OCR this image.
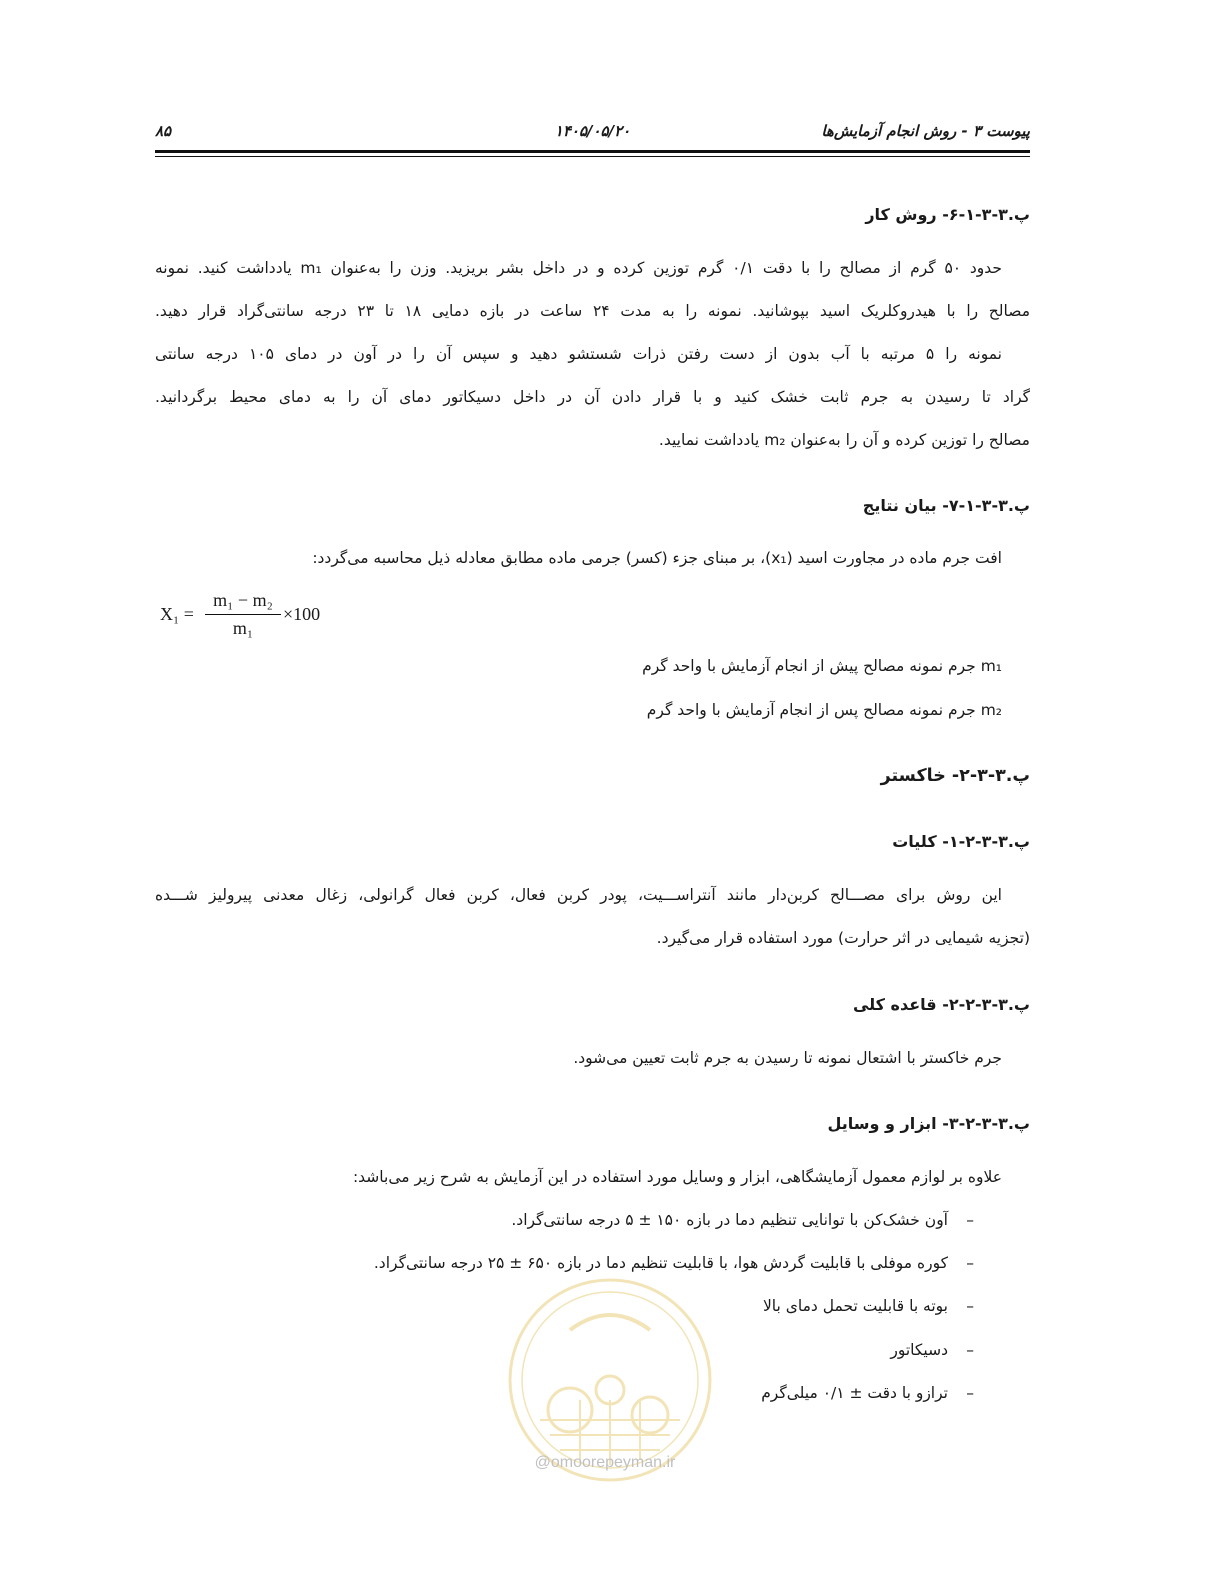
پیوست ۳ - روش انجام آزمایش‌ها
۱۴۰۵/۰۵/۲۰
۸۵
پ.۳-۳-۱-۶- روش کار
حدود ۵۰ گرم از مصالح را با دقت ۰/۱ گرم توزین کرده و در داخل بشر بریزید. وزن را به‌عنوان m₁ یادداشت کنید. نمونه
مصالح را با هیدروکلریک اسید بپوشانید. نمونه را به مدت ۲۴ ساعت در بازه دمایی ۱۸ تا ۲۳ درجه سانتی‌گراد قرار دهید.
نمونه را ۵ مرتبه با آب بدون از دست رفتن ذرات شستشو دهید و سپس آن را در آون در دمای ۱۰۵ درجه سانتی
گراد تا رسیدن به جرم ثابت خشک کنید و با قرار دادن آن در داخل دسیکاتور دمای آن را به دمای محیط برگردانید.
مصالح را توزین کرده و آن را به‌عنوان m₂ یادداشت نمایید.
پ.۳-۳-۱-۷- بیان نتایج
افت جرم ماده در مجاورت اسید (x₁)، بر مبنای جزء (کسر) جرمی ماده مطابق معادله ذیل محاسبه می‌گردد:
X₁ =
m₁ − m₂
m₁
×100
m₁ جرم نمونه مصالح پیش از انجام آزمایش با واحد گرم
m₂ جرم نمونه مصالح پس از انجام آزمایش با واحد گرم
پ.۳-۳-۲- خاکستر
پ.۳-۳-۲-۱- کلیات
این روش برای مصـــالح کربن‌دار مانند آنتراســـیت، پودر کربن فعال، کربن فعال گرانولی، زغال معدنی پیرولیز شـــده
(تجزیه شیمایی در اثر حرارت) مورد استفاده قرار می‌گیرد.
پ.۳-۳-۲-۲- قاعده کلی
جرم خاکستر با اشتعال نمونه تا رسیدن به جرم ثابت تعیین می‌شود.
پ.۳-۳-۲-۳- ابزار و وسایل
علاوه بر لوازم معمول آزمایشگاهی، ابزار و وسایل مورد استفاده در این آزمایش به شرح زیر می‌باشد:
–
آون خشک‌کن با توانایی تنظیم دما در بازه ۱۵۰ ± ۵ درجه سانتی‌گراد.
–
کوره موفلی با قابلیت گردش هوا، با قابلیت تنظیم دما در بازه ۶۵۰ ± ۲۵ درجه سانتی‌گراد.
–
بوته با قابلیت تحمل دمای بالا
–
دسیکاتور
–
ترازو با دقت ± ۰/۱ میلی‌گرم
@omoorepeyman.ir
